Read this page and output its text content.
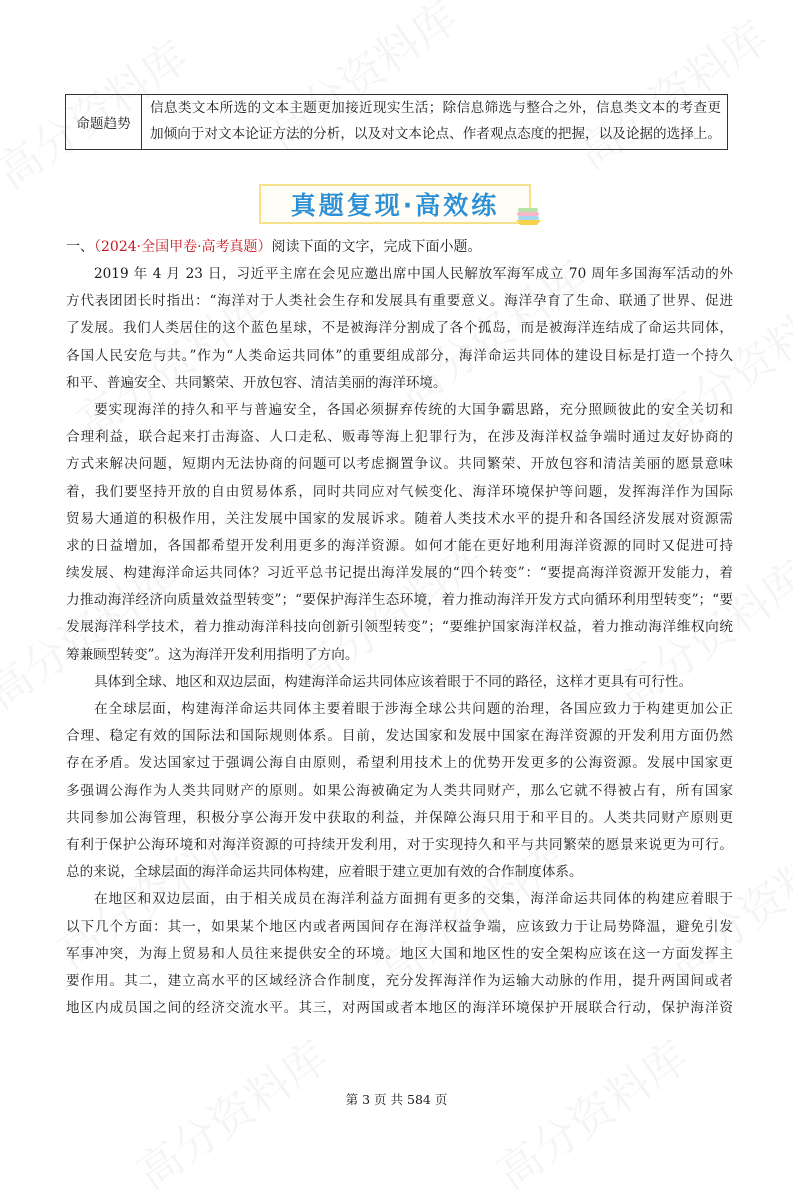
命题趋势
信息类文本所选的文本主题更加接近现实生活；除信息筛选与整合之外，信息类文本的考查更
加倾向于对文本论证方法的分析，以及对文本论点、作者观点态度的把握，以及论据的选择上。
真题复现·高效练
一、（2024·全国甲卷·高考真题）阅读下面的文字，完成下面小题。
2019 年 4 月 23 日，习近平主席在会见应邀出席中国人民解放军海军成立 70 周年多国海军活动的外
方代表团团长时指出：“海洋对于人类社会生存和发展具有重要意义。海洋孕育了生命、联通了世界、促进
了发展。我们人类居住的这个蓝色星球，不是被海洋分割成了各个孤岛，而是被海洋连结成了命运共同体，
各国人民安危与共。”作为“人类命运共同体”的重要组成部分，海洋命运共同体的建设目标是打造一个持久
和平、普遍安全、共同繁荣、开放包容、清洁美丽的海洋环境。
要实现海洋的持久和平与普遍安全，各国必须摒弃传统的大国争霸思路，充分照顾彼此的安全关切和
合理利益，联合起来打击海盗、人口走私、贩毒等海上犯罪行为，在涉及海洋权益争端时通过友好协商的
方式来解决问题，短期内无法协商的问题可以考虑搁置争议。共同繁荣、开放包容和清洁美丽的愿景意味
着，我们要坚持开放的自由贸易体系，同时共同应对气候变化、海洋环境保护等问题，发挥海洋作为国际
贸易大通道的积极作用，关注发展中国家的发展诉求。随着人类技术水平的提升和各国经济发展对资源需
求的日益增加，各国都希望开发利用更多的海洋资源。如何才能在更好地利用海洋资源的同时又促进可持
续发展、构建海洋命运共同体？习近平总书记提出海洋发展的“四个转变”：“要提高海洋资源开发能力，着
力推动海洋经济向质量效益型转变”；“要保护海洋生态环境，着力推动海洋开发方式向循环利用型转变”；“要
发展海洋科学技术，着力推动海洋科技向创新引领型转变”；“要维护国家海洋权益，着力推动海洋维权向统
筹兼顾型转变”。这为海洋开发利用指明了方向。
具体到全球、地区和双边层面，构建海洋命运共同体应该着眼于不同的路径，这样才更具有可行性。
在全球层面，构建海洋命运共同体主要着眼于涉海全球公共问题的治理，各国应致力于构建更加公正
合理、稳定有效的国际法和国际规则体系。目前，发达国家和发展中国家在海洋资源的开发利用方面仍然
存在矛盾。发达国家过于强调公海自由原则，希望利用技术上的优势开发更多的公海资源。发展中国家更
多强调公海作为人类共同财产的原则。如果公海被确定为人类共同财产，那么它就不得被占有，所有国家
共同参加公海管理，积极分享公海开发中获取的利益，并保障公海只用于和平目的。人类共同财产原则更
有利于保护公海环境和对海洋资源的可持续开发利用，对于实现持久和平与共同繁荣的愿景来说更为可行。
总的来说，全球层面的海洋命运共同体构建，应着眼于建立更加有效的合作制度体系。
在地区和双边层面，由于相关成员在海洋利益方面拥有更多的交集，海洋命运共同体的构建应着眼于
以下几个方面：其一，如果某个地区内或者两国间存在海洋权益争端，应该致力于让局势降温，避免引发
军事冲突，为海上贸易和人员往来提供安全的环境。地区大国和地区性的安全架构应该在这一方面发挥主
要作用。其二，建立高水平的区域经济合作制度，充分发挥海洋作为运输大动脉的作用，提升两国间或者
地区内成员国之间的经济交流水平。其三，对两国或者本地区的海洋环境保护开展联合行动，保护海洋资
第 3 页 共 584 页
